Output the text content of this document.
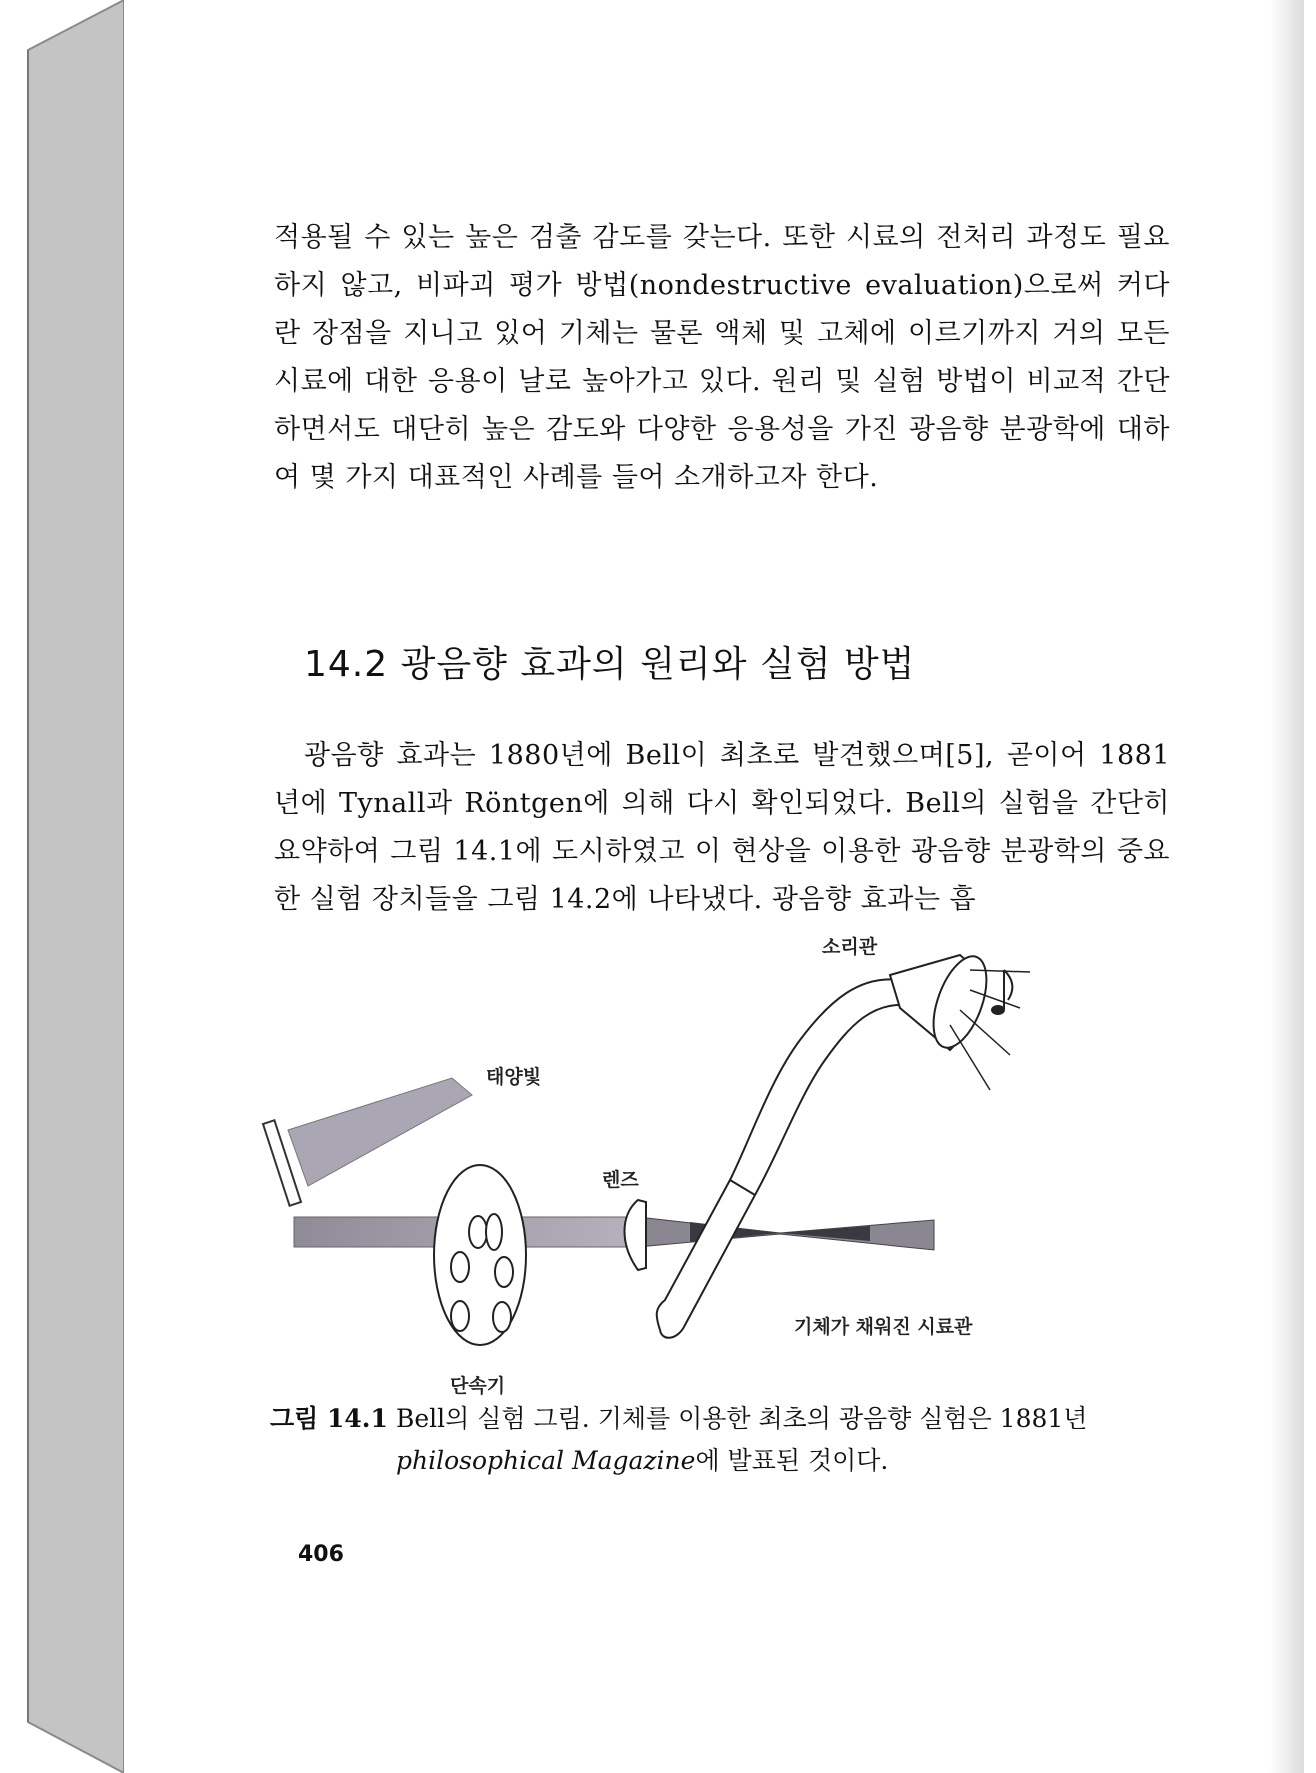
적용될 수 있는 높은 검출 감도를 갖는다. 또한 시료의 전처리 과정도 필요하지 않고, 비파괴 평가 방법(nondestructive evaluation)으로써 커다란 장점을 지니고 있어 기체는 물론 액체 및 고체에 이르기까지 거의 모든 시료에 대한 응용이 날로 높아가고 있다. 원리 및 실험 방법이 비교적 간단하면서도 대단히 높은 감도와 다양한 응용성을 가진 광음향 분광학에 대하여 몇 가지 대표적인 사례를 들어 소개하고자 한다.

14.2 광음향 효과의 원리와 실험 방법

광음향 효과는 1880년에 Bell이 최초로 발견했으며[5], 곧이어 1881년에 Tynall과 Röntgen에 의해 다시 확인되었다. Bell의 실험을 간단히 요약하여 그림 14.1에 도시하였고 이 현상을 이용한 광음향 분광학의 중요한 실험 장치들을 그림 14.2에 나타냈다. 광음향 효과는 흡

소리관
태양빛
렌즈
기체가 채워진 시료관
단속기
그림 14.1 Bell의 실험 그림. 기체를 이용한 최초의 광음향 실험은 1881년
philosophical Magazine에 발표된 것이다.
406
